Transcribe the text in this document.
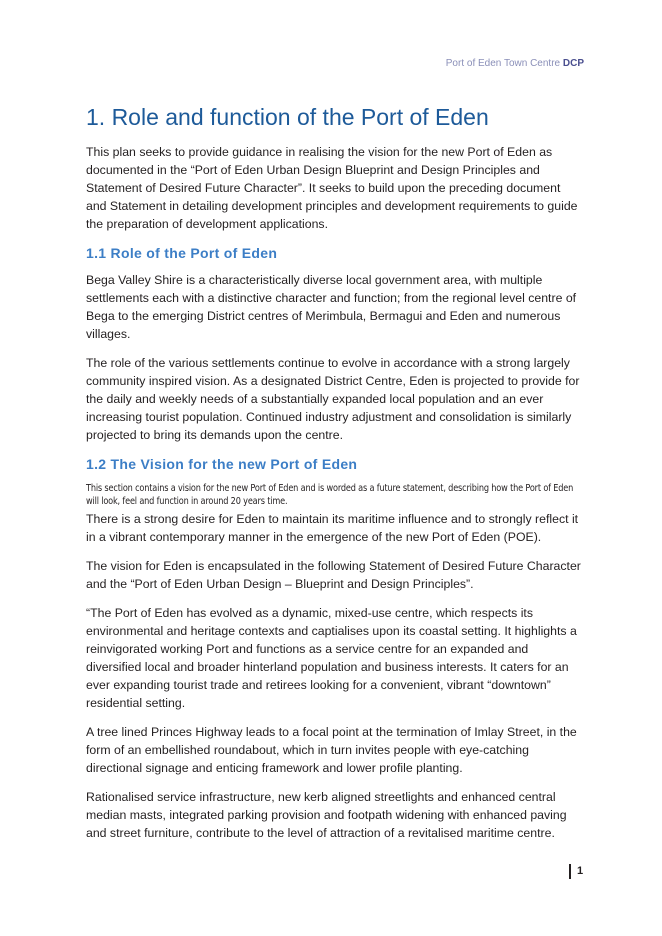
Port of Eden Town Centre DCP
1. Role and function of the Port of Eden

This plan seeks to provide guidance in realising the vision for the new Port of Eden as documented in the “Port of Eden Urban Design Blueprint and Design Principles and Statement of Desired Future Character”. It seeks to build upon the preceding document and Statement in detailing development principles and development requirements to guide the preparation of development applications.

1.1 Role of the Port of Eden

Bega Valley Shire is a characteristically diverse local government area, with multiple settlements each with a distinctive character and function; from the regional level centre of Bega to the emerging District centres of Merimbula, Bermagui and Eden and numerous villages.

The role of the various settlements continue to evolve in accordance with a strong largely community inspired vision. As a designated District Centre, Eden is projected to provide for the daily and weekly needs of a substantially expanded local population and an ever increasing tourist population. Continued industry adjustment and consolidation is similarly projected to bring its demands upon the centre.

1.2 The Vision for the new Port of Eden

This section contains a vision for the new Port of Eden and is worded as a future statement, describing how the Port of Eden will look, feel and function in around 20 years time.

There is a strong desire for Eden to maintain its maritime influence and to strongly reflect it in a vibrant contemporary manner in the emergence of the new Port of Eden (POE).

The vision for Eden is encapsulated in the following Statement of Desired Future Character and the “Port of Eden Urban Design – Blueprint and Design Principles”.

“The Port of Eden has evolved as a dynamic, mixed-use centre, which respects its environmental and heritage contexts and captialises upon its coastal setting. It highlights a reinvigorated working Port and functions as a service centre for an expanded and diversified local and broader hinterland population and business interests. It caters for an ever expanding tourist trade and retirees looking for a convenient, vibrant “downtown” residential setting.

A tree lined Princes Highway leads to a focal point at the termination of Imlay Street, in the form of an embellished roundabout, which in turn invites people with eye-catching directional signage and enticing framework and lower profile planting.

Rationalised service infrastructure, new kerb aligned streetlights and enhanced central median masts, integrated parking provision and footpath widening with enhanced paving and street furniture, contribute to the level of attraction of a revitalised maritime centre.

1
